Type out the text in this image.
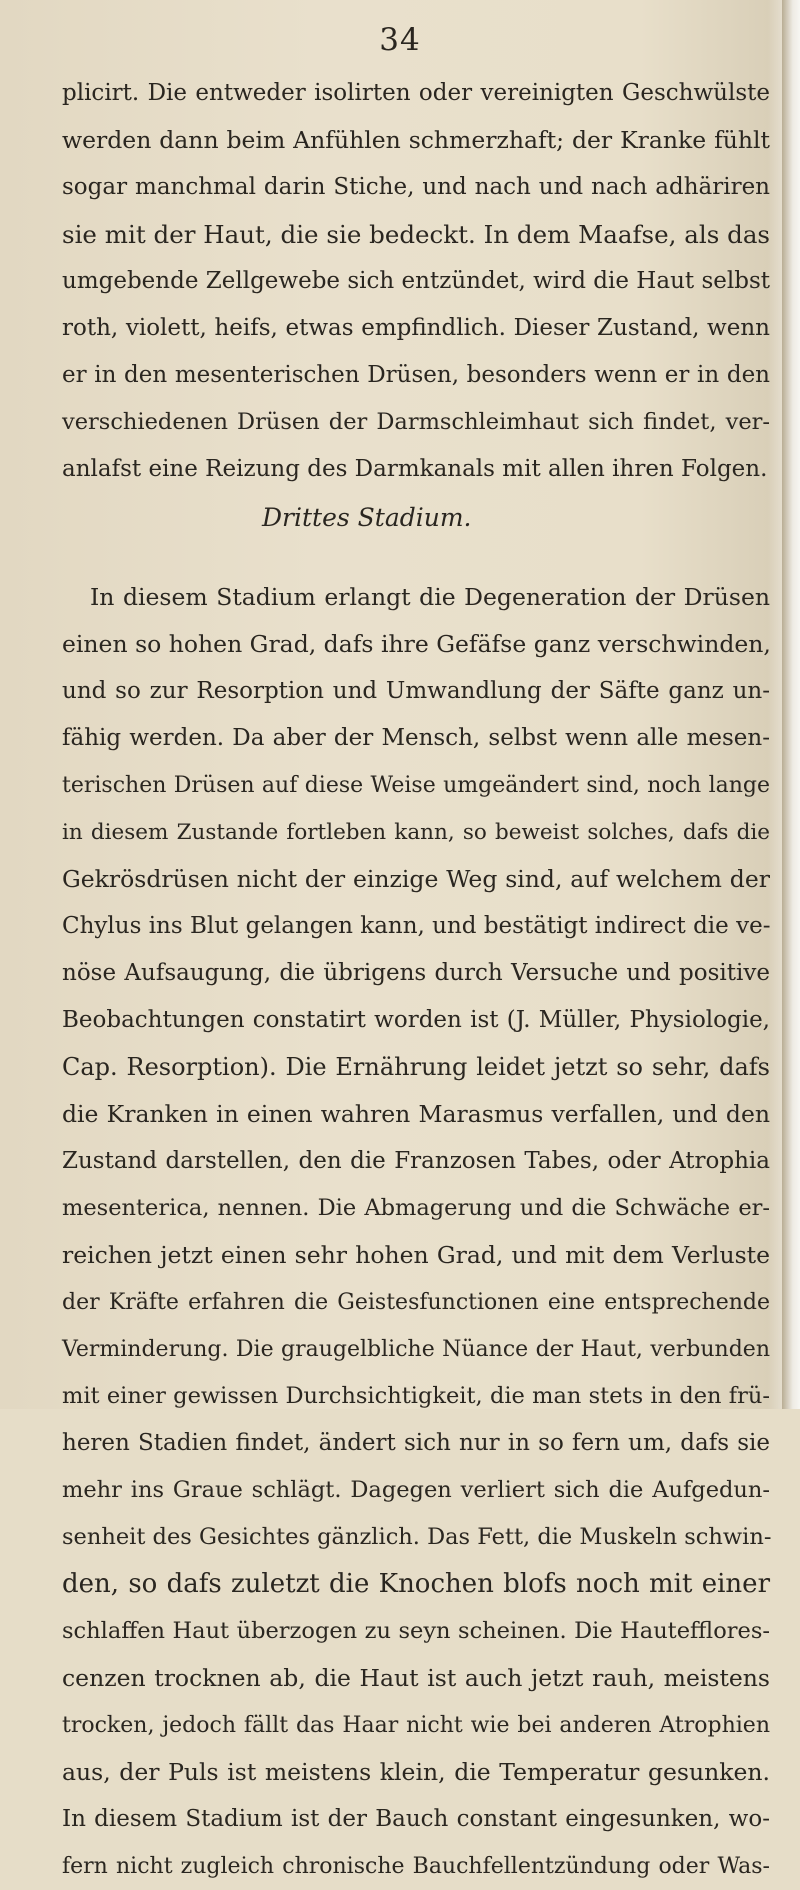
34
plicirt. Die entweder isolirten oder vereinigten Geschwülste
werden dann beim Anfühlen schmerzhaft; der Kranke fühlt
sogar manchmal darin Stiche, und nach und nach adhäriren
sie mit der Haut, die sie bedeckt. In dem Maafse, als das
umgebende Zellgewebe sich entzündet, wird die Haut selbst
roth, violett, heifs, etwas empfindlich. Dieser Zustand, wenn
er in den mesenterischen Drüsen, besonders wenn er in den
verschiedenen Drüsen der Darmschleimhaut sich findet, ver-
anlafst eine Reizung des Darmkanals mit allen ihren Folgen.
Drittes Stadium.
In diesem Stadium erlangt die Degeneration der Drüsen
einen so hohen Grad, dafs ihre Gefäfse ganz verschwinden,
und so zur Resorption und Umwandlung der Säfte ganz un-
fähig werden. Da aber der Mensch, selbst wenn alle mesen-
terischen Drüsen auf diese Weise umgeändert sind, noch lange
in diesem Zustande fortleben kann, so beweist solches, dafs die
Gekrösdrüsen nicht der einzige Weg sind, auf welchem der
Chylus ins Blut gelangen kann, und bestätigt indirect die ve-
nöse Aufsaugung, die übrigens durch Versuche und positive
Beobachtungen constatirt worden ist (J. Müller, Physiologie,
Cap. Resorption). Die Ernährung leidet jetzt so sehr, dafs
die Kranken in einen wahren Marasmus verfallen, und den
Zustand darstellen, den die Franzosen Tabes, oder Atrophia
mesenterica, nennen. Die Abmagerung und die Schwäche er-
reichen jetzt einen sehr hohen Grad, und mit dem Verluste
der Kräfte erfahren die Geistesfunctionen eine entsprechende
Verminderung. Die graugelbliche Nüance der Haut, verbunden
mit einer gewissen Durchsichtigkeit, die man stets in den frü-
heren Stadien findet, ändert sich nur in so fern um, dafs sie
mehr ins Graue schlägt. Dagegen verliert sich die Aufgedun-
senheit des Gesichtes gänzlich. Das Fett, die Muskeln schwin-
den, so dafs zuletzt die Knochen blofs noch mit einer
schlaffen Haut überzogen zu seyn scheinen. Die Hautefflores-
cenzen trocknen ab, die Haut ist auch jetzt rauh, meistens
trocken, jedoch fällt das Haar nicht wie bei anderen Atrophien
aus, der Puls ist meistens klein, die Temperatur gesunken.
In diesem Stadium ist der Bauch constant eingesunken, wo-
fern nicht zugleich chronische Bauchfellentzündung oder Was-
